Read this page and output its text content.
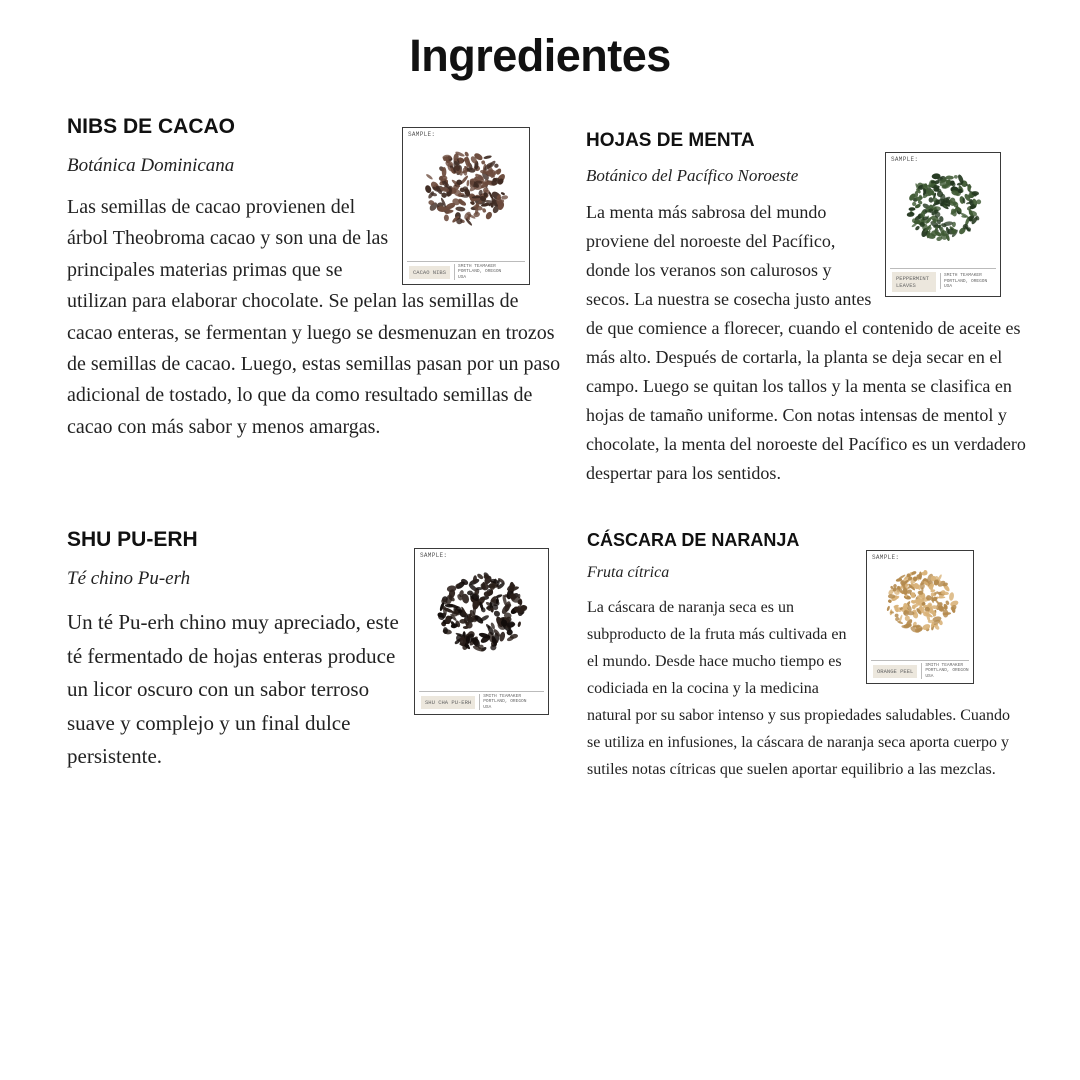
Ingredientes
NIBS DE CACAO

Botánica Dominicana

SAMPLE:
CACAO NIBS
SMITH TEAMAKER
PORTLAND, OREGON
USA

Las semillas de cacao provienen del árbol Theobroma cacao y son una de las principales materias primas que se utilizan para elaborar chocolate. Se pelan las semillas de cacao enteras, se fermentan y luego se desmenuzan en trozos de semillas de cacao. Luego, estas semillas pasan por un paso adicional de tostado, lo que da como resultado semillas de cacao con más sabor y menos amargas.

HOJAS DE MENTA

Botánico del Pacífico Noroeste

SAMPLE:
PEPPERMINT LEAVES
SMITH TEAMAKER
PORTLAND, OREGON
USA

La menta más sabrosa del mundo proviene del noroeste del Pacífico, donde los veranos son calurosos y secos. La nuestra se cosecha justo antes de que comience a florecer, cuando el contenido de aceite es más alto. Después de cortarla, la planta se deja secar en el campo. Luego se quitan los tallos y la menta se clasifica en hojas de tamaño uniforme. Con notas intensas de mentol y chocolate, la menta del noroeste del Pacífico es un verdadero despertar para los sentidos.

SHU PU-ERH

Té chino Pu-erh

SAMPLE:
SHU CHA PU-ERH
SMITH TEAMAKER
PORTLAND, OREGON
USA

Un té Pu-erh chino muy apreciado, este té fermentado de hojas enteras produce un licor oscuro con un sabor terroso suave y complejo y un final dulce persistente.

CÁSCARA DE NARANJA

Fruta cítrica

SAMPLE:
ORANGE PEEL
SMITH TEAMAKER
PORTLAND, OREGON
USA

La cáscara de naranja seca es un subproducto de la fruta más cultivada en el mundo. Desde hace mucho tiempo es codiciada en la cocina y la medicina natural por su sabor intenso y sus propiedades saludables. Cuando se utiliza en infusiones, la cáscara de naranja seca aporta cuerpo y sutiles notas cítricas que suelen aportar equilibrio a las mezclas.
